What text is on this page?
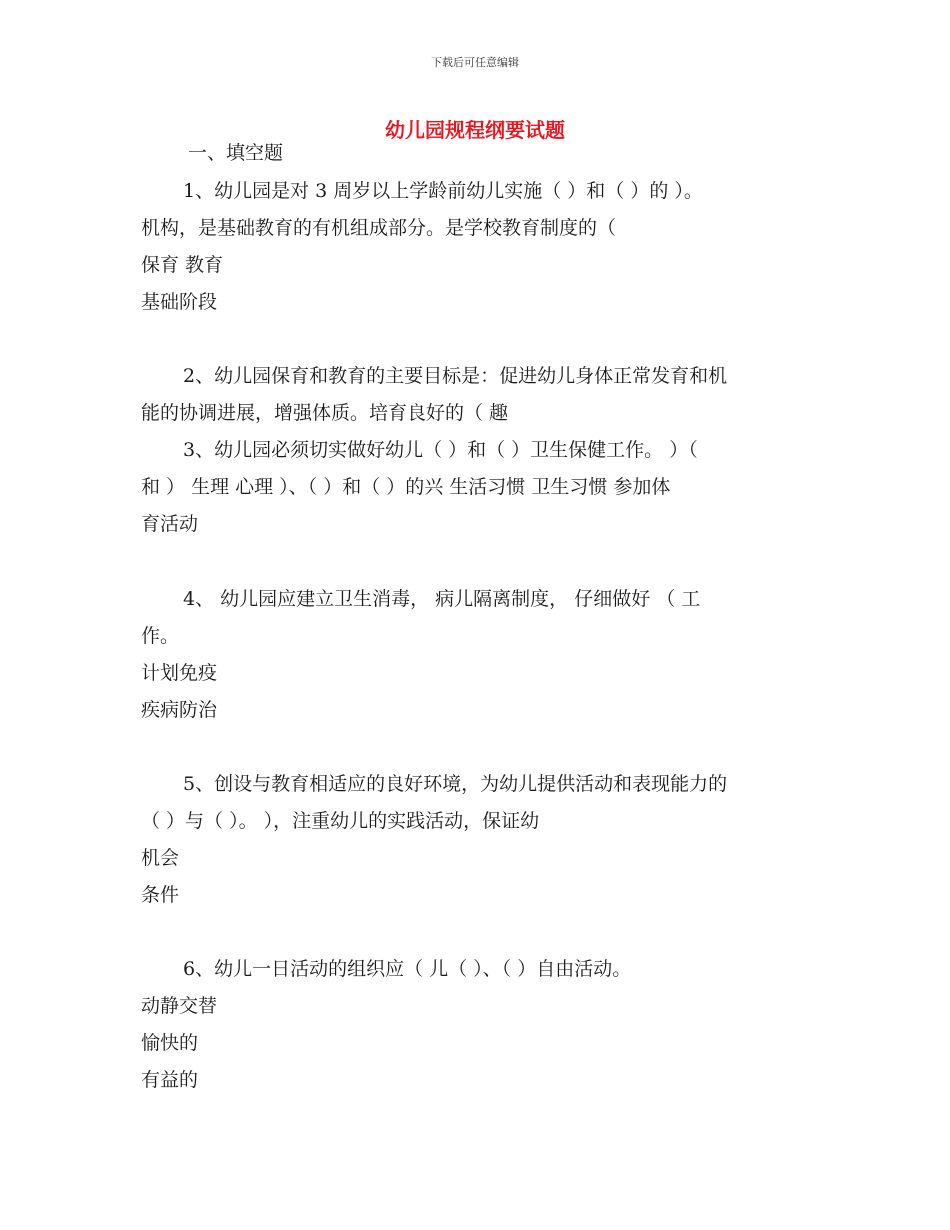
下载后可任意编辑
幼儿园规程纲要试题
一、填空题
1、幼儿园是对 3 周岁以上学龄前幼儿实施（ ）和（ ）的 ）。
机构，是基础教育的有机组成部分。是学校教育制度的（
保育 教育
基础阶段
2、幼儿园保育和教育的主要目标是：促进幼儿身体正常发育和机
能的协调进展，增强体质。培育良好的（ 趣
3、幼儿园必须切实做好幼儿（ ）和（ ）卫生保健工作。 ）（
和 ） 生理 心理 ）、（ ）和（ ）的兴 生活习惯 卫生习惯 参加体
育活动
4、 幼儿园应建立卫生消毒， 病儿隔离制度， 仔细做好 （ 工
作。
计划免疫
疾病防治
5、创设与教育相适应的良好环境，为幼儿提供活动和表现能力的
（ ）与（ ）。 ），注重幼儿的实践活动，保证幼
机会
条件
6、幼儿一日活动的组织应（ 儿（ ）、（ ）自由活动。
动静交替
愉快的
有益的
